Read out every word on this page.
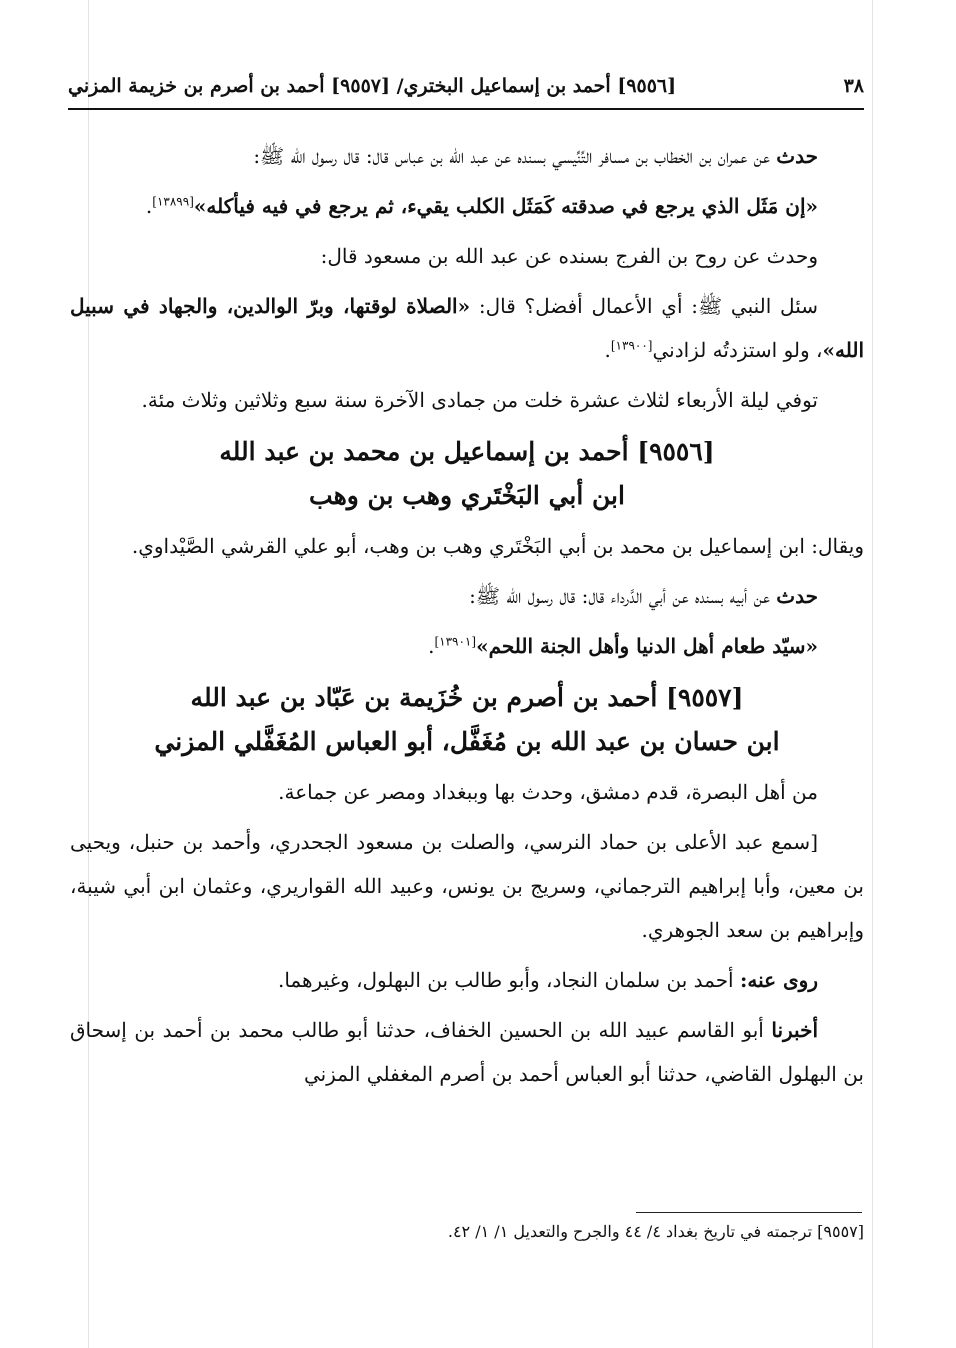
٣٨
[٩٥٥٦] أحمد بن إسماعيل البختري/ [٩٥٥٧] أحمد بن أصرم بن خزيمة المزني

حدث عن عمران بن الخطاب بن مسافر التِّنِّيسي بسنده عن عبد الله بن عباس قال: قال رسول الله ﷺ:

«إن مَثَل الذي يرجع في صدقته كَمَثَل الكلب يقيء، ثم يرجع في فيه فيأكله»[١٣٨٩٩].

وحدث عن روح بن الفرج بسنده عن عبد الله بن مسعود قال:

سئل النبي ﷺ: أي الأعمال أفضل؟ قال: «الصلاة لوقتها، وبرّ الوالدين، والجهاد في سبيل الله»، ولو استزدتُه لزادني[١٣٩٠٠].

توفي ليلة الأربعاء لثلاث عشرة خلت من جمادى الآخرة سنة سبع وثلاثين وثلاث مئة.

[٩٥٥٦] أحمد بن إسماعيل بن محمد بن عبد الله
ابن أبي البَخْتَري وهب بن وهب

ويقال: ابن إسماعيل بن محمد بن أبي البَخْتَري وهب بن وهب، أبو علي القرشي الصَّيْداوي.

حدث عن أبيه بسنده عن أبي الدَّرداء قال: قال رسول الله ﷺ:

«سيّد طعام أهل الدنيا وأهل الجنة اللحم»[١٣٩٠١].

[٩٥٥٧] أحمد بن أصرم بن خُزَيمة بن عَبّاد بن عبد الله
ابن حسان بن عبد الله بن مُغَفَّل، أبو العباس المُغَفَّلي المزني

من أهل البصرة، قدم دمشق، وحدث بها وببغداد ومصر عن جماعة.

[سمع عبد الأعلى بن حماد النرسي، والصلت بن مسعود الجحدري، وأحمد بن حنبل، ويحيى بن معين، وأبا إبراهيم الترجماني، وسريج بن يونس، وعبيد الله القواريري، وعثمان ابن أبي شيبة، وإبراهيم بن سعد الجوهري.

روى عنه: أحمد بن سلمان النجاد، وأبو طالب بن البهلول، وغيرهما.

أخبرنا أبو القاسم عبيد الله بن الحسين الخفاف، حدثنا أبو طالب محمد بن أحمد بن إسحاق بن البهلول القاضي، حدثنا أبو العباس أحمد بن أصرم المغفلي المزني

[٩٥٥٧] ترجمته في تاريخ بغداد ٤/ ٤٤ والجرح والتعديل ١/ ١/ ٤٢.
